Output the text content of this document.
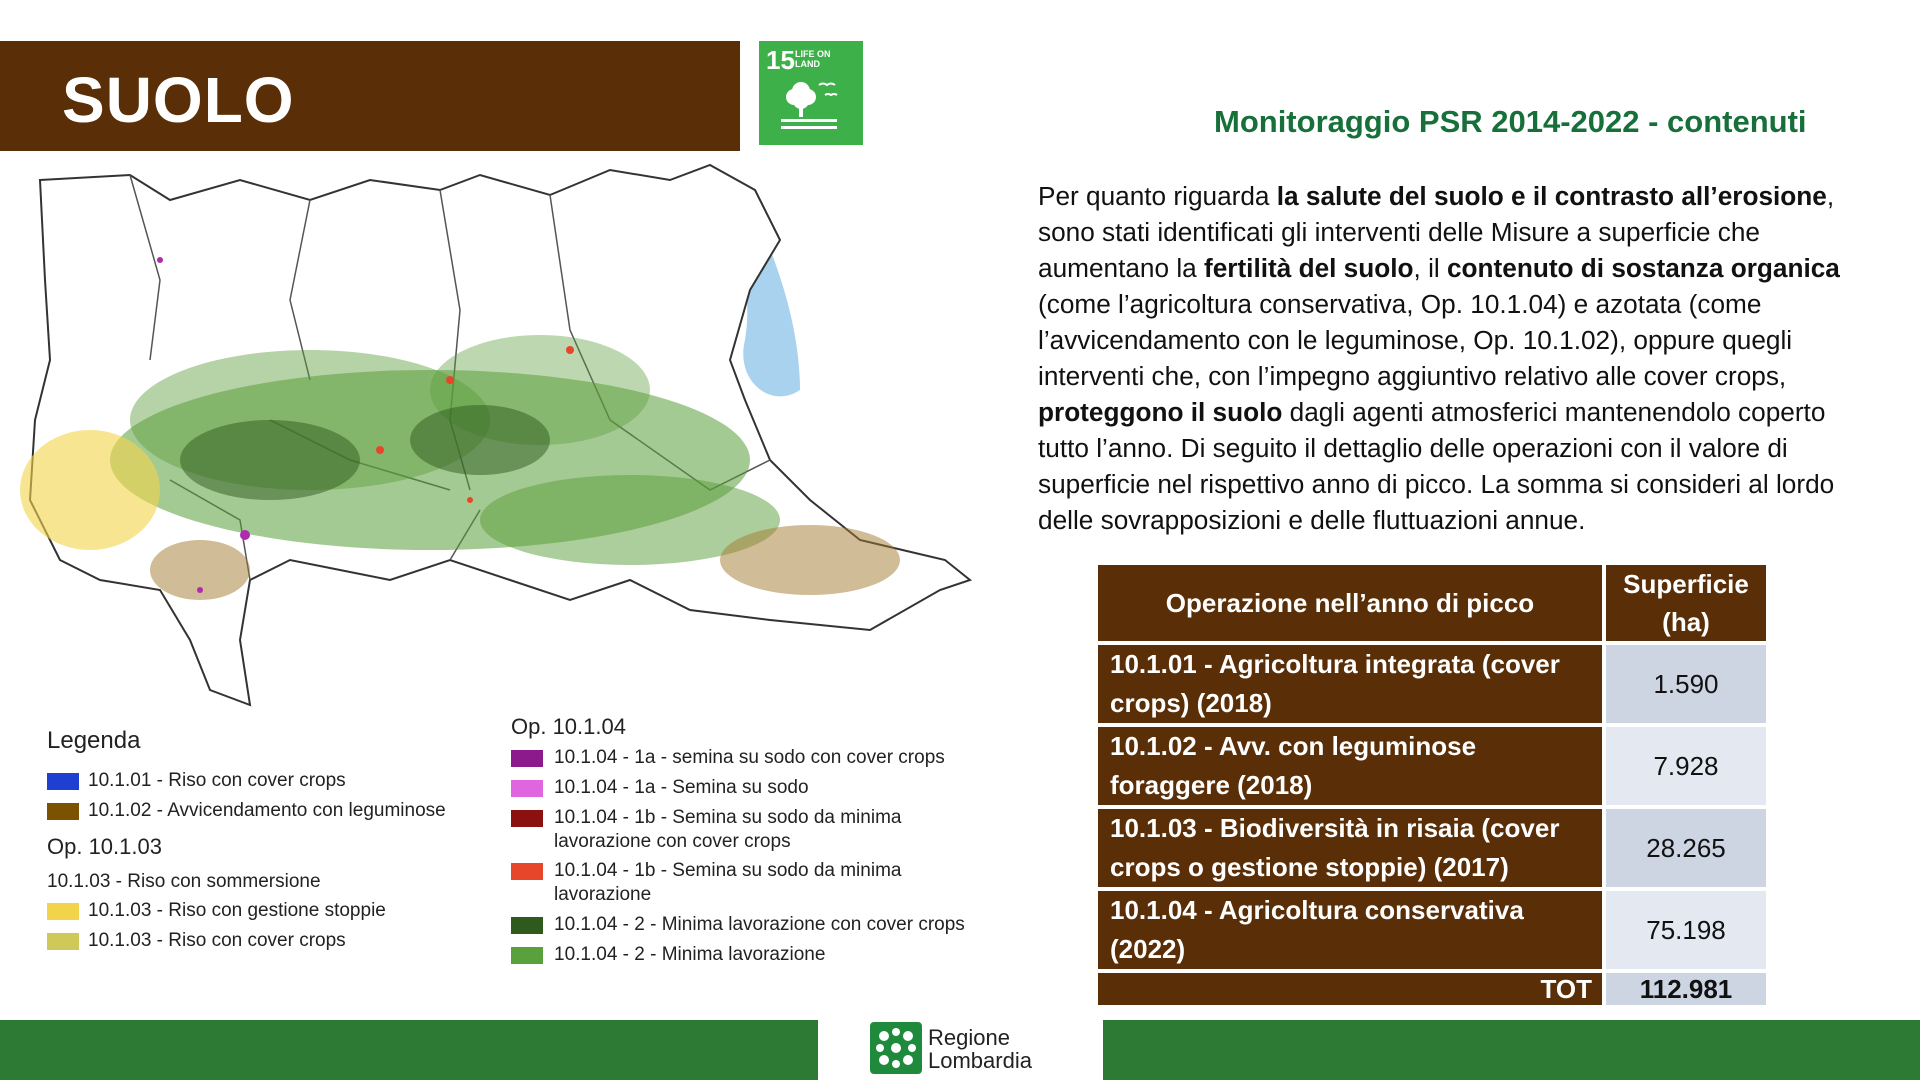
SUOLO
15 LIFE ON LAND
Monitoraggio PSR 2014-2022 - contenuti
Per quanto riguarda la salute del suolo e il contrasto all’erosione, sono stati identificati gli interventi delle Misure a superficie che aumentano la fertilità del suolo, il contenuto di sostanza organica (come l’agricoltura conservativa, Op. 10.1.04) e azotata (come l’avvicendamento con le leguminose, Op. 10.1.02), oppure quegli interventi che, con l’impegno aggiuntivo relativo alle cover crops, proteggono il suolo dagli agenti atmosferici mantenendolo coperto tutto l’anno. Di seguito il dettaglio delle operazioni con il valore di superficie nel rispettivo anno di picco. La somma si consideri al lordo delle sovrapposizioni e delle fluttuazioni annue.
Operazione nell’anno di picco	Superficie
(ha)
10.1.01 - Agricoltura integrata (cover
crops) (2018)	1.590
10.1.02 - Avv. con leguminose
foraggere (2018)	7.928
10.1.03 - Biodiversità in risaia (cover
crops o gestione stoppie) (2017)	28.265
10.1.04 - Agricoltura conservativa
(2022)	75.198
TOT	112.981
Legenda
10.1.01 - Riso con cover crops
10.1.02 - Avvicendamento con leguminose
Op. 10.1.03
10.1.03 - Riso con sommersione
10.1.03 - Riso con gestione stoppie
10.1.03 - Riso con cover crops
Op. 10.1.04
10.1.04 - 1a - semina su sodo con cover crops
10.1.04 - 1a - Semina su sodo
10.1.04 - 1b - Semina su sodo da minima
lavorazione con cover crops
10.1.04 - 1b - Semina su sodo da minima
lavorazione
10.1.04 - 2 - Minima lavorazione con cover crops
10.1.04 - 2 - Minima lavorazione
Regione
Lombardia
